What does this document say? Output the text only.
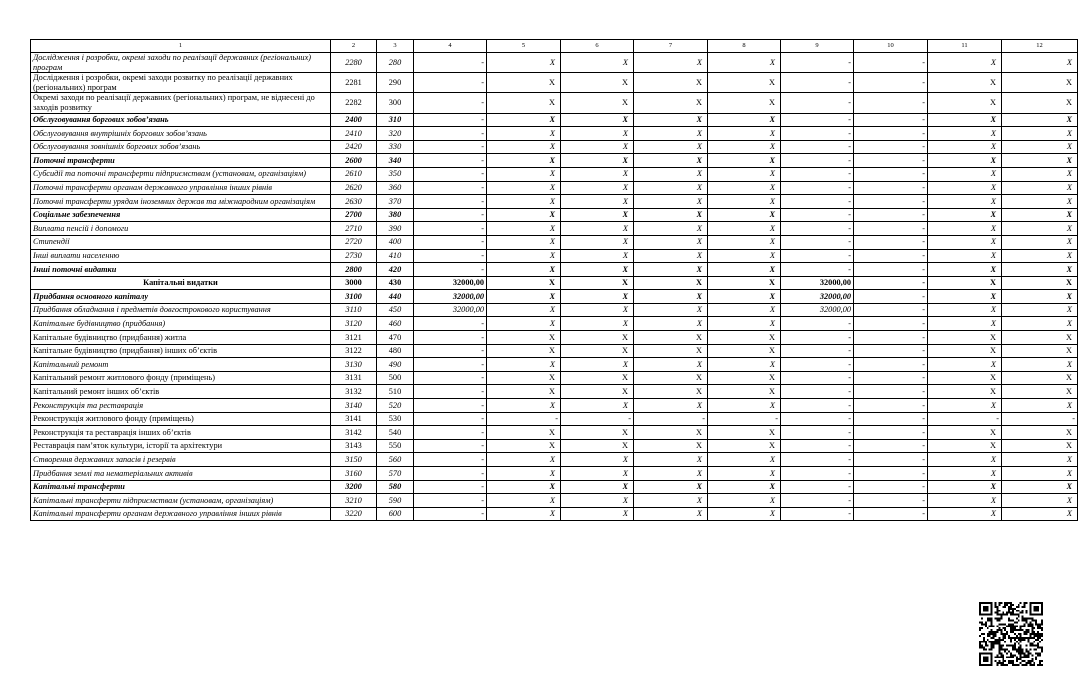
1	2	3	4	5	6	7	8	9	10	11	12
Дослідження і розробки, окремі заходи по реалізації державних (регіональних) програм	2280	280	-	X	X	X	X	-	-	X	X
Дослідження і розробки, окремі заходи розвитку по реалізації державних (регіональних) програм	2281	290	-	X	X	X	X	-	-	X	X
Окремі заходи по реалізації державних (регіональних) програм, не віднесені до заходів розвитку	2282	300	-	X	X	X	X	-	-	X	X
Обслуговування боргових зобов’язань	2400	310	-	X	X	X	X	-	-	X	X
Обслуговування внутрішніх боргових зобов’язань	2410	320	-	X	X	X	X	-	-	X	X
Обслуговування зовнішніх боргових зобов’язань	2420	330	-	X	X	X	X	-	-	X	X
Поточні трансферти	2600	340	-	X	X	X	X	-	-	X	X
Субсидії та поточні трансферти підприємствам (установам, організаціям)	2610	350	-	X	X	X	X	-	-	X	X
Поточні трансферти органам державного управління інших рівнів	2620	360	-	X	X	X	X	-	-	X	X
Поточні трансферти урядам іноземних держав та міжнародним організаціям	2630	370	-	X	X	X	X	-	-	X	X
Соціальне забезпечення	2700	380	-	X	X	X	X	-	-	X	X
Виплата пенсій і допомоги	2710	390	-	X	X	X	X	-	-	X	X
Стипендії	2720	400	-	X	X	X	X	-	-	X	X
Інші виплати населенню	2730	410	-	X	X	X	X	-	-	X	X
Інші поточні видатки	2800	420	-	X	X	X	X	-	-	X	X
Капітальні видатки	3000	430	32000,00	X	X	X	X	32000,00	-	X	X
Придбання основного капіталу	3100	440	32000,00	X	X	X	X	32000,00	-	X	X
Придбання обладнання і предметів довгострокового користування	3110	450	32000,00	X	X	X	X	32000,00	-	X	X
Капітальне будівництво (придбання)	3120	460	-	X	X	X	X	-	-	X	X
Капітальне будівництво (придбання) житла	3121	470	-	X	X	X	X	-	-	X	X
Капітальне будівництво (придбання) інших об’єктів	3122	480	-	X	X	X	X	-	-	X	X
Капітальний ремонт	3130	490	-	X	X	X	X	-	-	X	X
Капітальний ремонт житлового фонду (приміщень)	3131	500	-	X	X	X	X	-	-	X	X
Капітальний ремонт інших об’єктів	3132	510	-	X	X	X	X	-	-	X	X
Реконструкція та реставрація	3140	520	-	X	X	X	X	-	-	X	X
Реконструкція житлового фонду (приміщень)	3141	530	-	-	-	-	-	-	-	-	-
Реконструкція та реставрація інших об’єктів	3142	540	-	X	X	X	X	-	-	X	X
Реставрація пам’яток культури, історії та архітектури	3143	550	-	X	X	X	X	-	-	X	X
Створення державних запасів і резервів	3150	560	-	X	X	X	X	-	-	X	X
Придбання землі та нематеріальних активів	3160	570	-	X	X	X	X	-	-	X	X
Капітальні трансферти	3200	580	-	X	X	X	X	-	-	X	X
Капітальні трансферти підприємствам (установам, організаціям)	3210	590	-	X	X	X	X	-	-	X	X
Капітальні трансферти органам державного управління інших рівнів	3220	600	-	X	X	X	X	-	-	X	X
